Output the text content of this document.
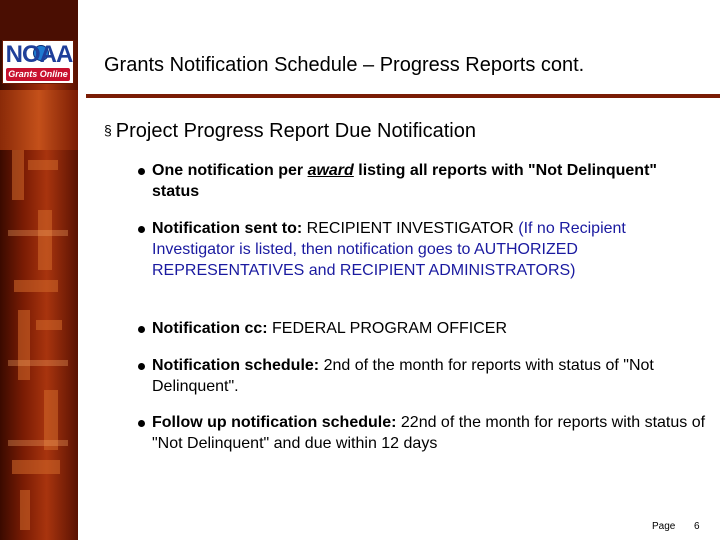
NOAA
Grants Online Grants Notification Schedule – Progress Reports cont.
§ Project Progress Report Due Notification
One notification per award listing all reports with "Not Delinquent" status
Notification sent to: RECIPIENT INVESTIGATOR (If no Recipient Investigator is listed, then notification goes to AUTHORIZED REPRESENTATIVES and RECIPIENT ADMINISTRATORS)
Notification cc: FEDERAL PROGRAM OFFICER
Notification schedule: 2nd of the month for reports with status of "Not Delinquent".
Follow up notification schedule: 22nd of the month for reports with status of "Not Delinquent" and due within 12 days
Page 6
